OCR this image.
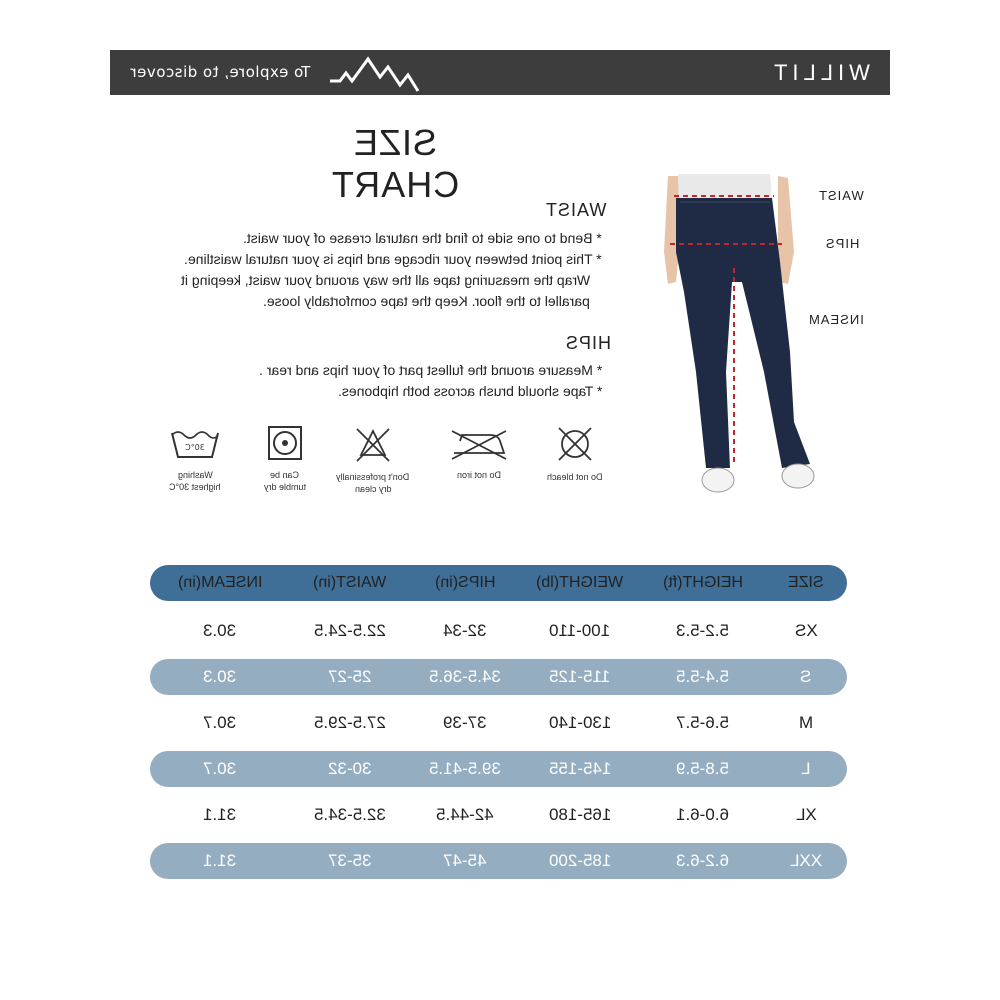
To explore, to discover	WILLIT
SIZE CHART
WAIST
* Bend to one side to find the natural crease of your waist.
* This point between your ribcage and hips is your natural waistline.
Wrap the measuring tape all the way around your waist, keeping it
parallel to the floor. Keep the tape comfortably loose.
HIPS
* Measure around the fullest part of your hips and rear .
* Tape should brush across both hipbones.
30°C
Washing
highest 30°C
Can be
tumble dry
Don't professinally
dry clean
Do not iron	Do not bleach
WAIST
HIPS
INSEAM
INSEAM(in)	WAIST(in)	HIPS(in)	WEIGHT(lb)	HEIGHT(ft)	SIZE
30.3	22.5-24.5	32-34	100-110	5.2-5.3	XS
30.3	25-27	34.5-36.5	115-125	5.4-5.5	S
30.7	27.5-29.5	37-39	130-140	5.6-5.7	M
30.7	30-32	39.5-41.5	145-155	5.8-5.9	L
31.1	32.5-34.5	42-44.5	165-180	6.0-6.1	XL
31.1	35-37	45-47	185-200	6.2-6.3	XXL
